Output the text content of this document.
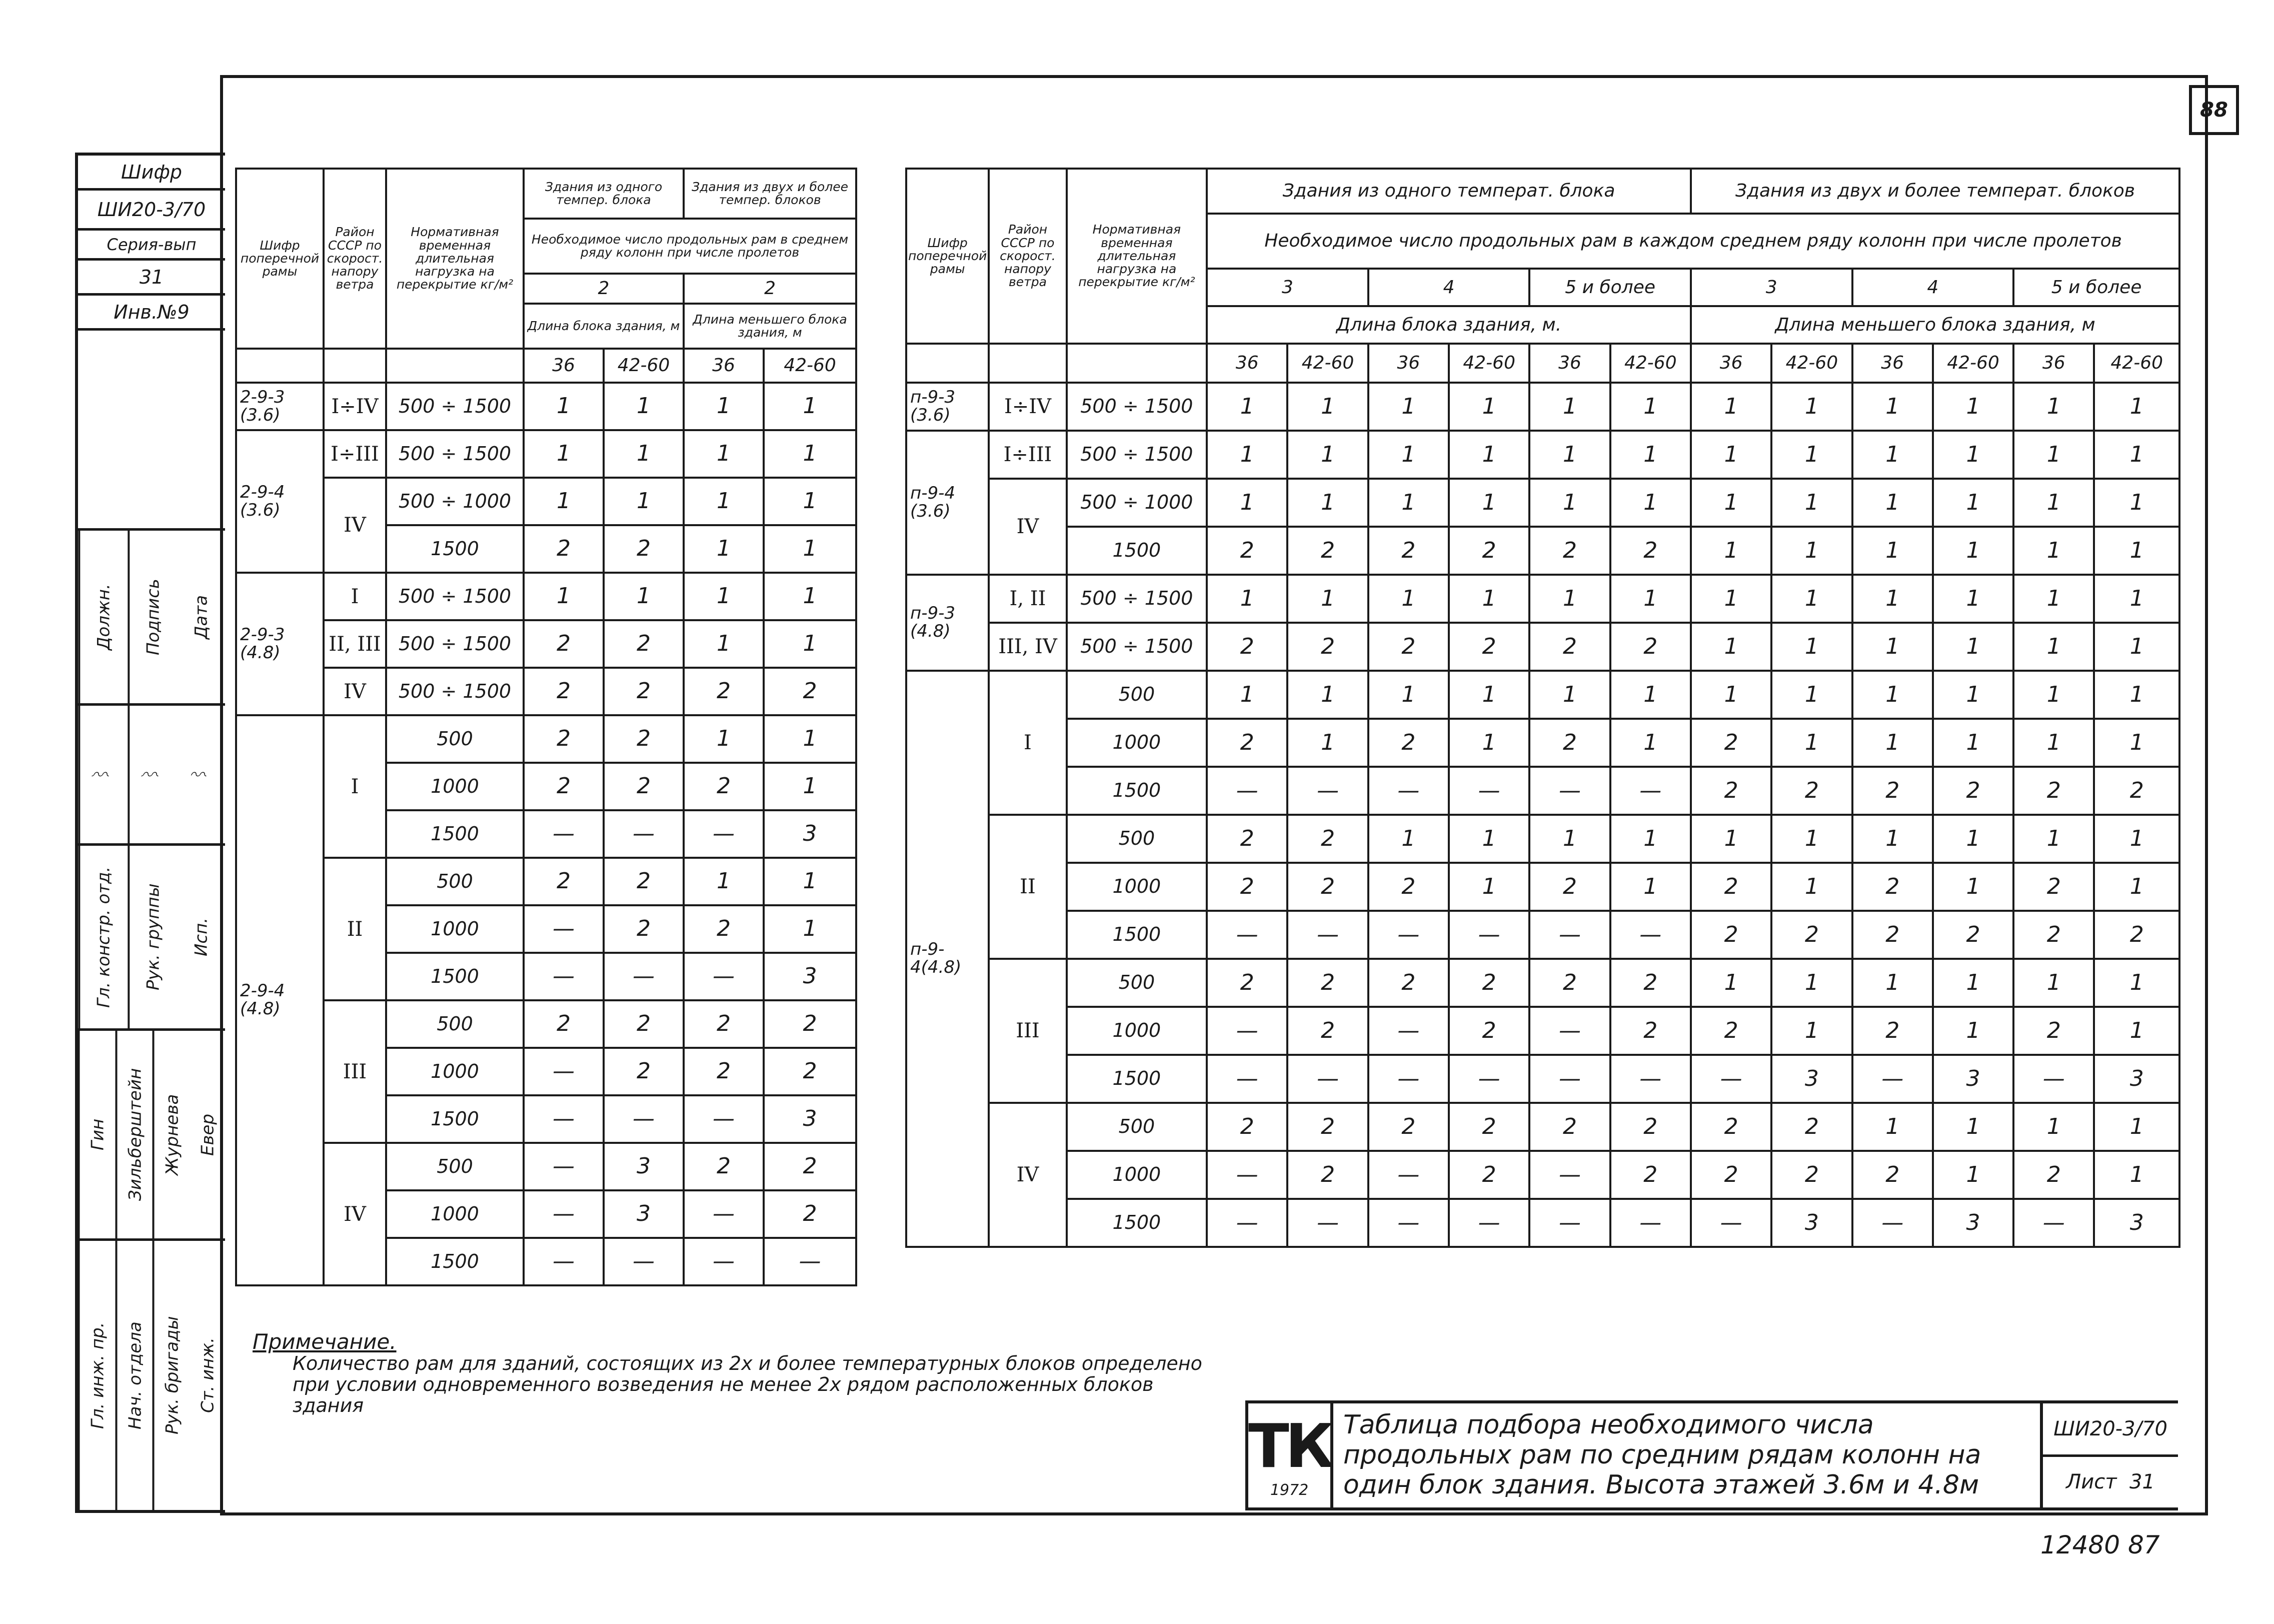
Шифр
ШИ20-3/70
Серия-вып
31
Инв.№9
Должн.	Подпись	Дата
〰	〰	〰
Гл. констр. отд.	Рук. группы	Исп.
Гин	Зильберштейн	Журнева Евер
Гл. инж. пр.	Нач. отдела	Рук. бригады Ст. инж.
88
Шифр поперечной рамы	Район СССР по скорост. напору ветра	Нормативная временная длительная нагрузка на перекрытие кг/м²	Здания из одного темпер. блока		Здания из двух и более темпер. блоков	
			Необходимое число продольных рам в среднем ряду колонн при числе пролетов			
			2		2	
			Длина блока здания, м		Длина меньшего блока здания, м	
			36	42-60	36	42-60
2-9-3 (3.6)	I÷IV	500 ÷ 1500	1	1	1	1
2-9-4 (3.6)	I÷III	500 ÷ 1500	1	1	1	1
	IV	500 ÷ 1000	1	1	1	1
		1500	2	2	1	1
2-9-3 (4.8)	I	500 ÷ 1500	1	1	1	1
	II, III	500 ÷ 1500	2	2	1	1
	IV	500 ÷ 1500	2	2	2	2
2-9-4 (4.8)	I	500	2	2	1	1
		1000	2	2	2	1
		1500	—	—	—	3
	II	500	2	2	1	1
		1000	—	2	2	1
		1500	—	—	—	3
	III	500	2	2	2	2
		1000	—	2	2	2
		1500	—	—	—	3
	IV	500	—	3	2	2
		1000	—	3	—	2
		1500	—	—	—	—
Шифр поперечной рамы	Район СССР по скорост. напору ветра	Нормативная временная длительная нагрузка на перекрытие кг/м²	Здания из одного температ. блока						Здания из двух и более температ. блоков					
			Необходимое число продольных рам в каждом среднем ряду колонн при числе пролетов											
			3		4		5 и более		3		4		5 и более	
			Длина блока здания, м.						Длина меньшего блока здания, м					
			36	42-60	36	42-60	36	42-60	36	42-60	36	42-60	36	42-60
п-9-3 (3.6)	I÷IV	500 ÷ 1500	1	1	1	1	1	1	1	1	1	1	1	1
п-9-4 (3.6)	I÷III	500 ÷ 1500	1	1	1	1	1	1	1	1	1	1	1	1
	IV	500 ÷ 1000	1	1	1	1	1	1	1	1	1	1	1	1
		1500	2	2	2	2	2	2	1	1	1	1	1	1
п-9-3 (4.8)	I, II	500 ÷ 1500	1	1	1	1	1	1	1	1	1	1	1	1
	III, IV	500 ÷ 1500	2	2	2	2	2	2	1	1	1	1	1	1
п-9-4(4.8)	I	500	1	1	1	1	1	1	1	1	1	1	1	1
		1000	2	1	2	1	2	1	2	1	1	1	1	1
		1500	—	—	—	—	—	—	2	2	2	2	2	2
	II	500	2	2	1	1	1	1	1	1	1	1	1	1
		1000	2	2	2	1	2	1	2	1	2	1	2	1
		1500	—	—	—	—	—	—	2	2	2	2	2	2
	III	500	2	2	2	2	2	2	1	1	1	1	1	1
		1000	—	2	—	2	—	2	2	1	2	1	2	1
		1500	—	—	—	—	—	—	—	3	—	3	—	3
	IV	500	2	2	2	2	2	2	2	2	1	1	1	1
		1000	—	2	—	2	—	2	2	2	2	1	2	1
		1500	—	—	—	—	—	—	—	3	—	3	—	3
Примечание.
Количество рам для зданий, состоящих из 2х и более температурных блоков определено при условии одновременного возведения не менее 2х рядом расположенных блоков здания
ТК
1972
Таблица подбора необходимого числа продольных рам по средним рядам колонн на один блок здания. Высота этажей 3.6м и 4.8м
ШИ20-3/70
Лист
31
12480 87
